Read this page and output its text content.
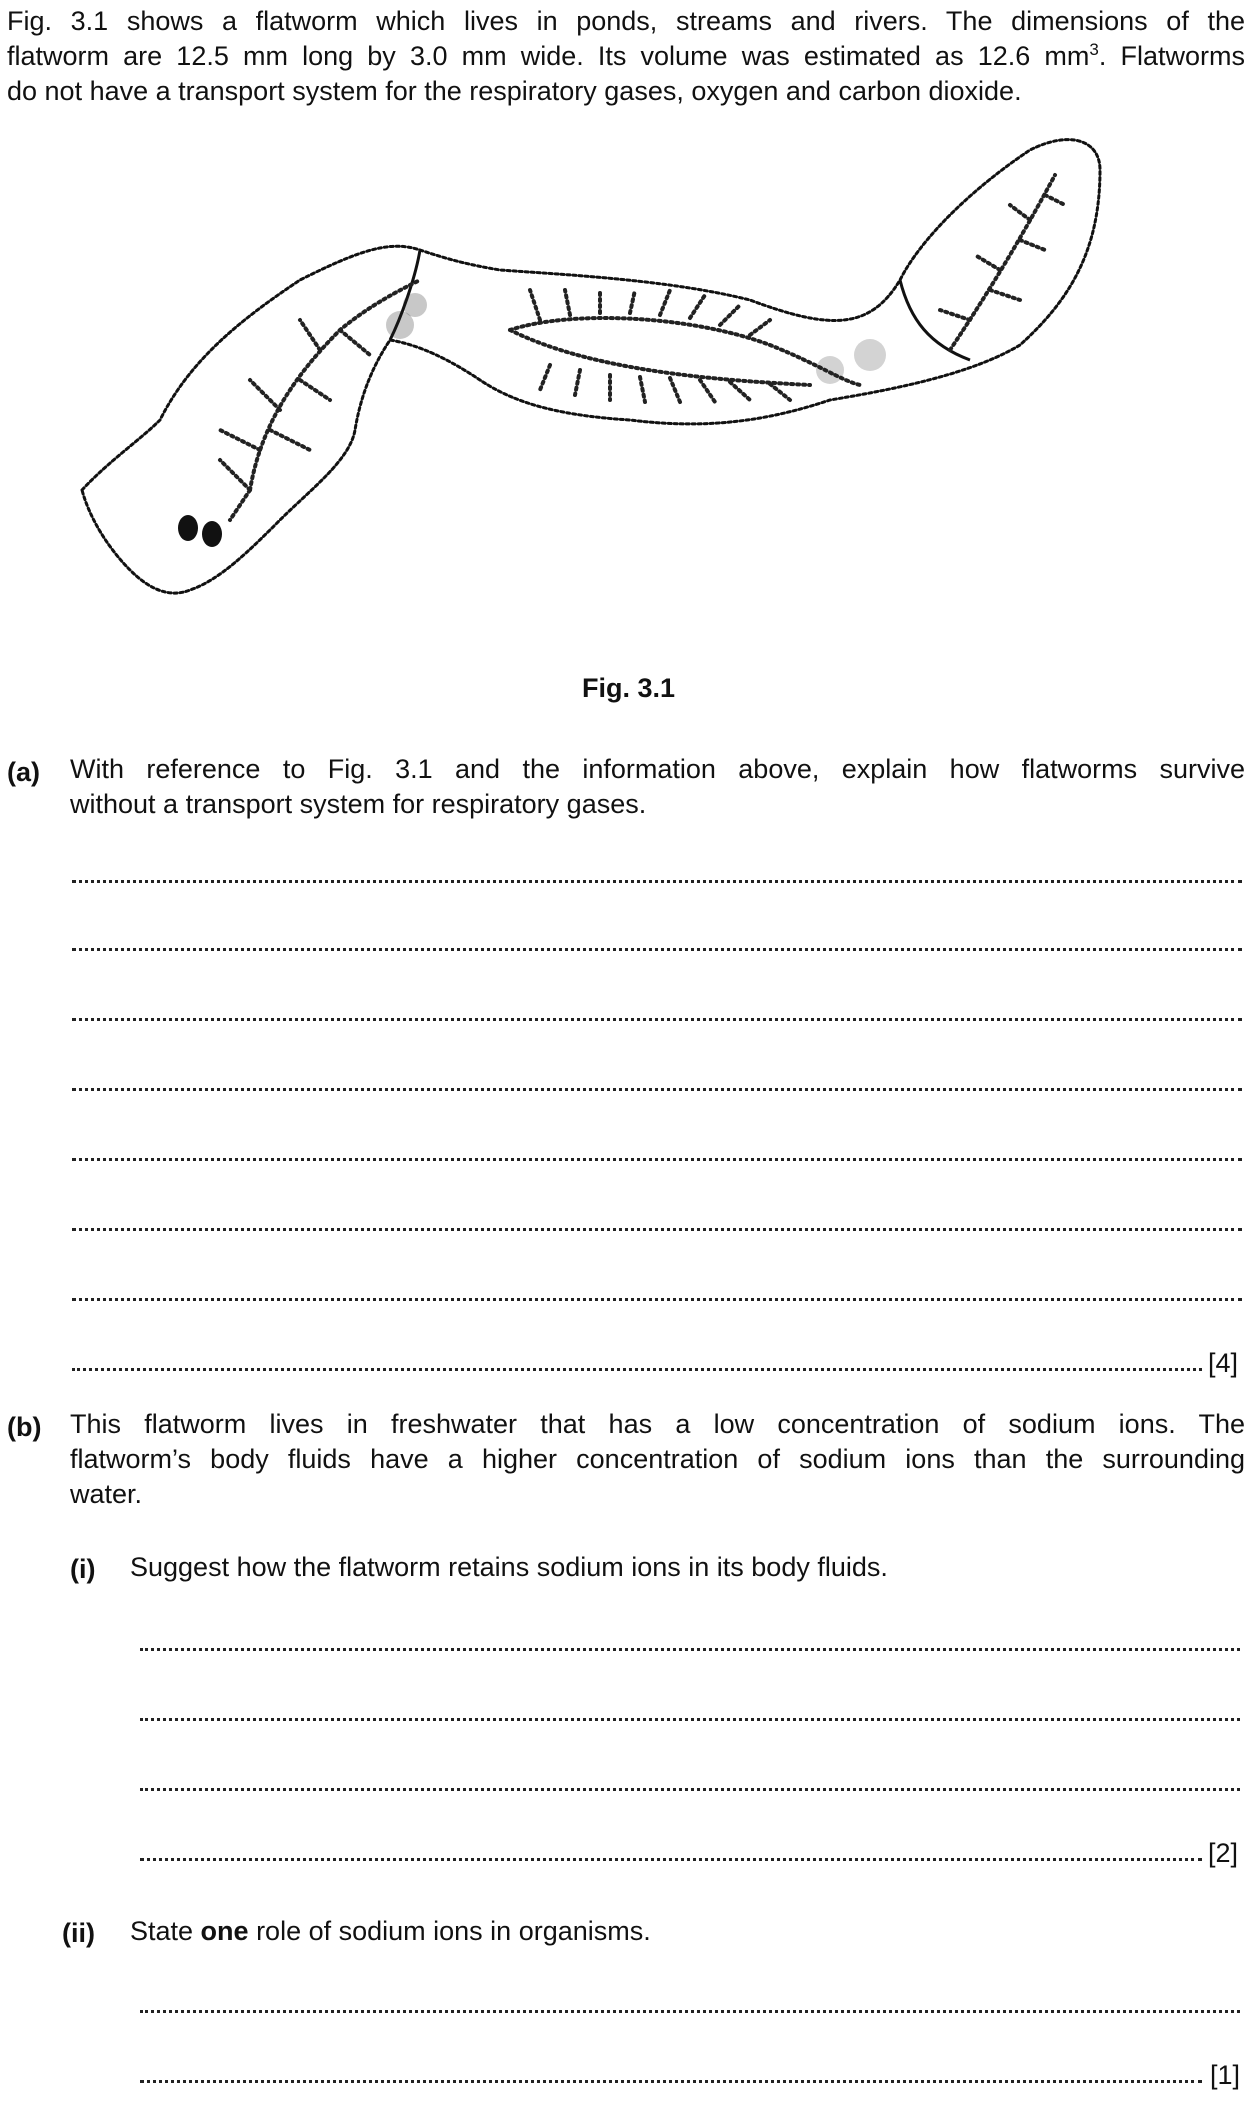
Fig. 3.1 shows a flatworm which lives in ponds, streams and rivers. The dimensions of the
flatworm are 12.5 mm long by 3.0 mm wide. Its volume was estimated as 12.6 $mm^3$. Flatworms
do not have a transport system for the respiratory gases, oxygen and carbon dioxide.
Fig. 3.1
(a) With reference to Fig. 3.1 and the information above, explain how flatworms survive
without a transport system for respiratory gases.
[4]
(b) This flatworm lives in freshwater that has a low concentration of sodium ions. The
flatworm’s body fluids have a higher concentration of sodium ions than the surrounding
water.
(i) Suggest how the flatworm retains sodium ions in its body fluids.
[2]
(ii) State one role of sodium ions in organisms.
[1]
